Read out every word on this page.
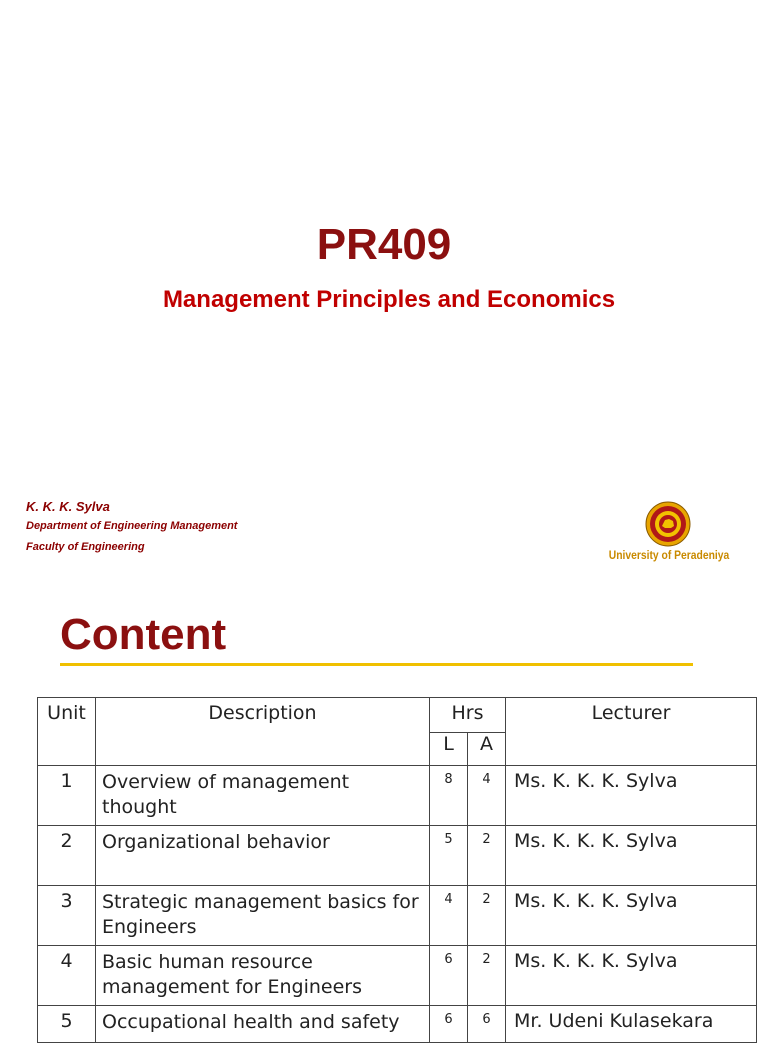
PR409
Management Principles and Economics
K. K. K. Sylva
Department of Engineering Management
Faculty of Engineering
University of Peradeniya
Content
Unit	Description	Hrs		Lecturer
		L	A	
1	Overview of management thought	8	4	Ms. K. K. K. Sylva
2	Organizational behavior	5	2	Ms. K. K. K. Sylva
3	Strategic management basics for Engineers	4	2	Ms. K. K. K. Sylva
4	Basic human resource management for Engineers	6	2	Ms. K. K. K. Sylva
5	Occupational health and safety	6	6	Mr. Udeni Kulasekara
